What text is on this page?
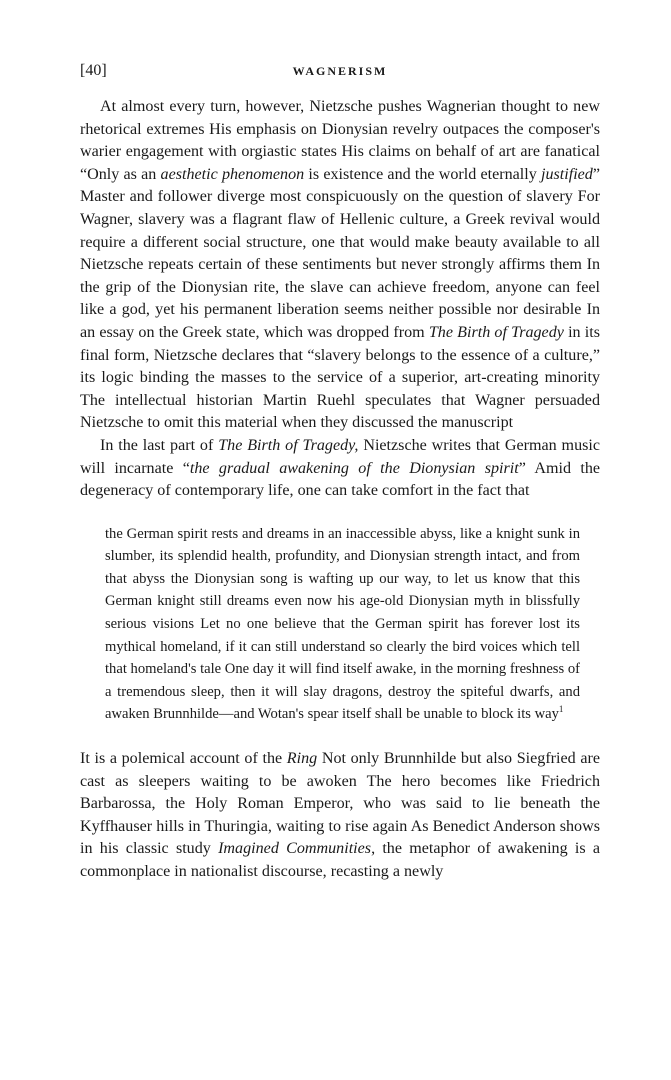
[40]	WAGNERISM

At almost every turn, however, Nietzsche pushes Wagnerian thought to new rhetorical extremes His emphasis on Dionysian revelry outpaces the composer's warier engagement with orgiastic states His claims on behalf of art are fanatical “Only as an aesthetic phenomenon is existence and the world eternally justified” Master and follower diverge most conspicuously on the question of slavery For Wagner, slavery was a flagrant flaw of Hellenic culture, a Greek revival would require a different social structure, one that would make beauty available to all Nietzsche repeats certain of these sentiments but never strongly affirms them In the grip of the Dionysian rite, the slave can achieve freedom, anyone can feel like a god, yet his permanent liberation seems neither possible nor desirable In an essay on the Greek state, which was dropped from The Birth of Tragedy in its final form, Nietzsche declares that “slavery belongs to the essence of a culture,” its logic binding the masses to the service of a superior, art-creating minority The intellectual historian Martin Ruehl speculates that Wagner persuaded Nietzsche to omit this material when they discussed the manuscript

In the last part of The Birth of Tragedy, Nietzsche writes that German music will incarnate “the gradual awakening of the Dionysian spirit” Amid the degeneracy of contemporary life, one can take comfort in the fact that

the German spirit rests and dreams in an inaccessible abyss, like a knight sunk in slumber, its splendid health, profundity, and Dionysian strength intact, and from that abyss the Dionysian song is wafting up our way, to let us know that this German knight still dreams even now his age-old Dionysian myth in blissfully serious visions Let no one believe that the German spirit has forever lost its mythical homeland, if it can still understand so clearly the bird voices which tell that homeland's tale One day it will find itself awake, in the morning freshness of a tremendous sleep, then it will slay dragons, destroy the spiteful dwarfs, and awaken Brunnhilde—and Wotan's spear itself shall be unable to block its way$^1$

It is a polemical account of the Ring Not only Brunnhilde but also Siegfried are cast as sleepers waiting to be awoken The hero becomes like Friedrich Barbarossa, the Holy Roman Emperor, who was said to lie beneath the Kyffhauser hills in Thuringia, waiting to rise again As Benedict Anderson shows in his classic study Imagined Communities, the metaphor of awakening is a commonplace in nationalist discourse, recasting a newly
